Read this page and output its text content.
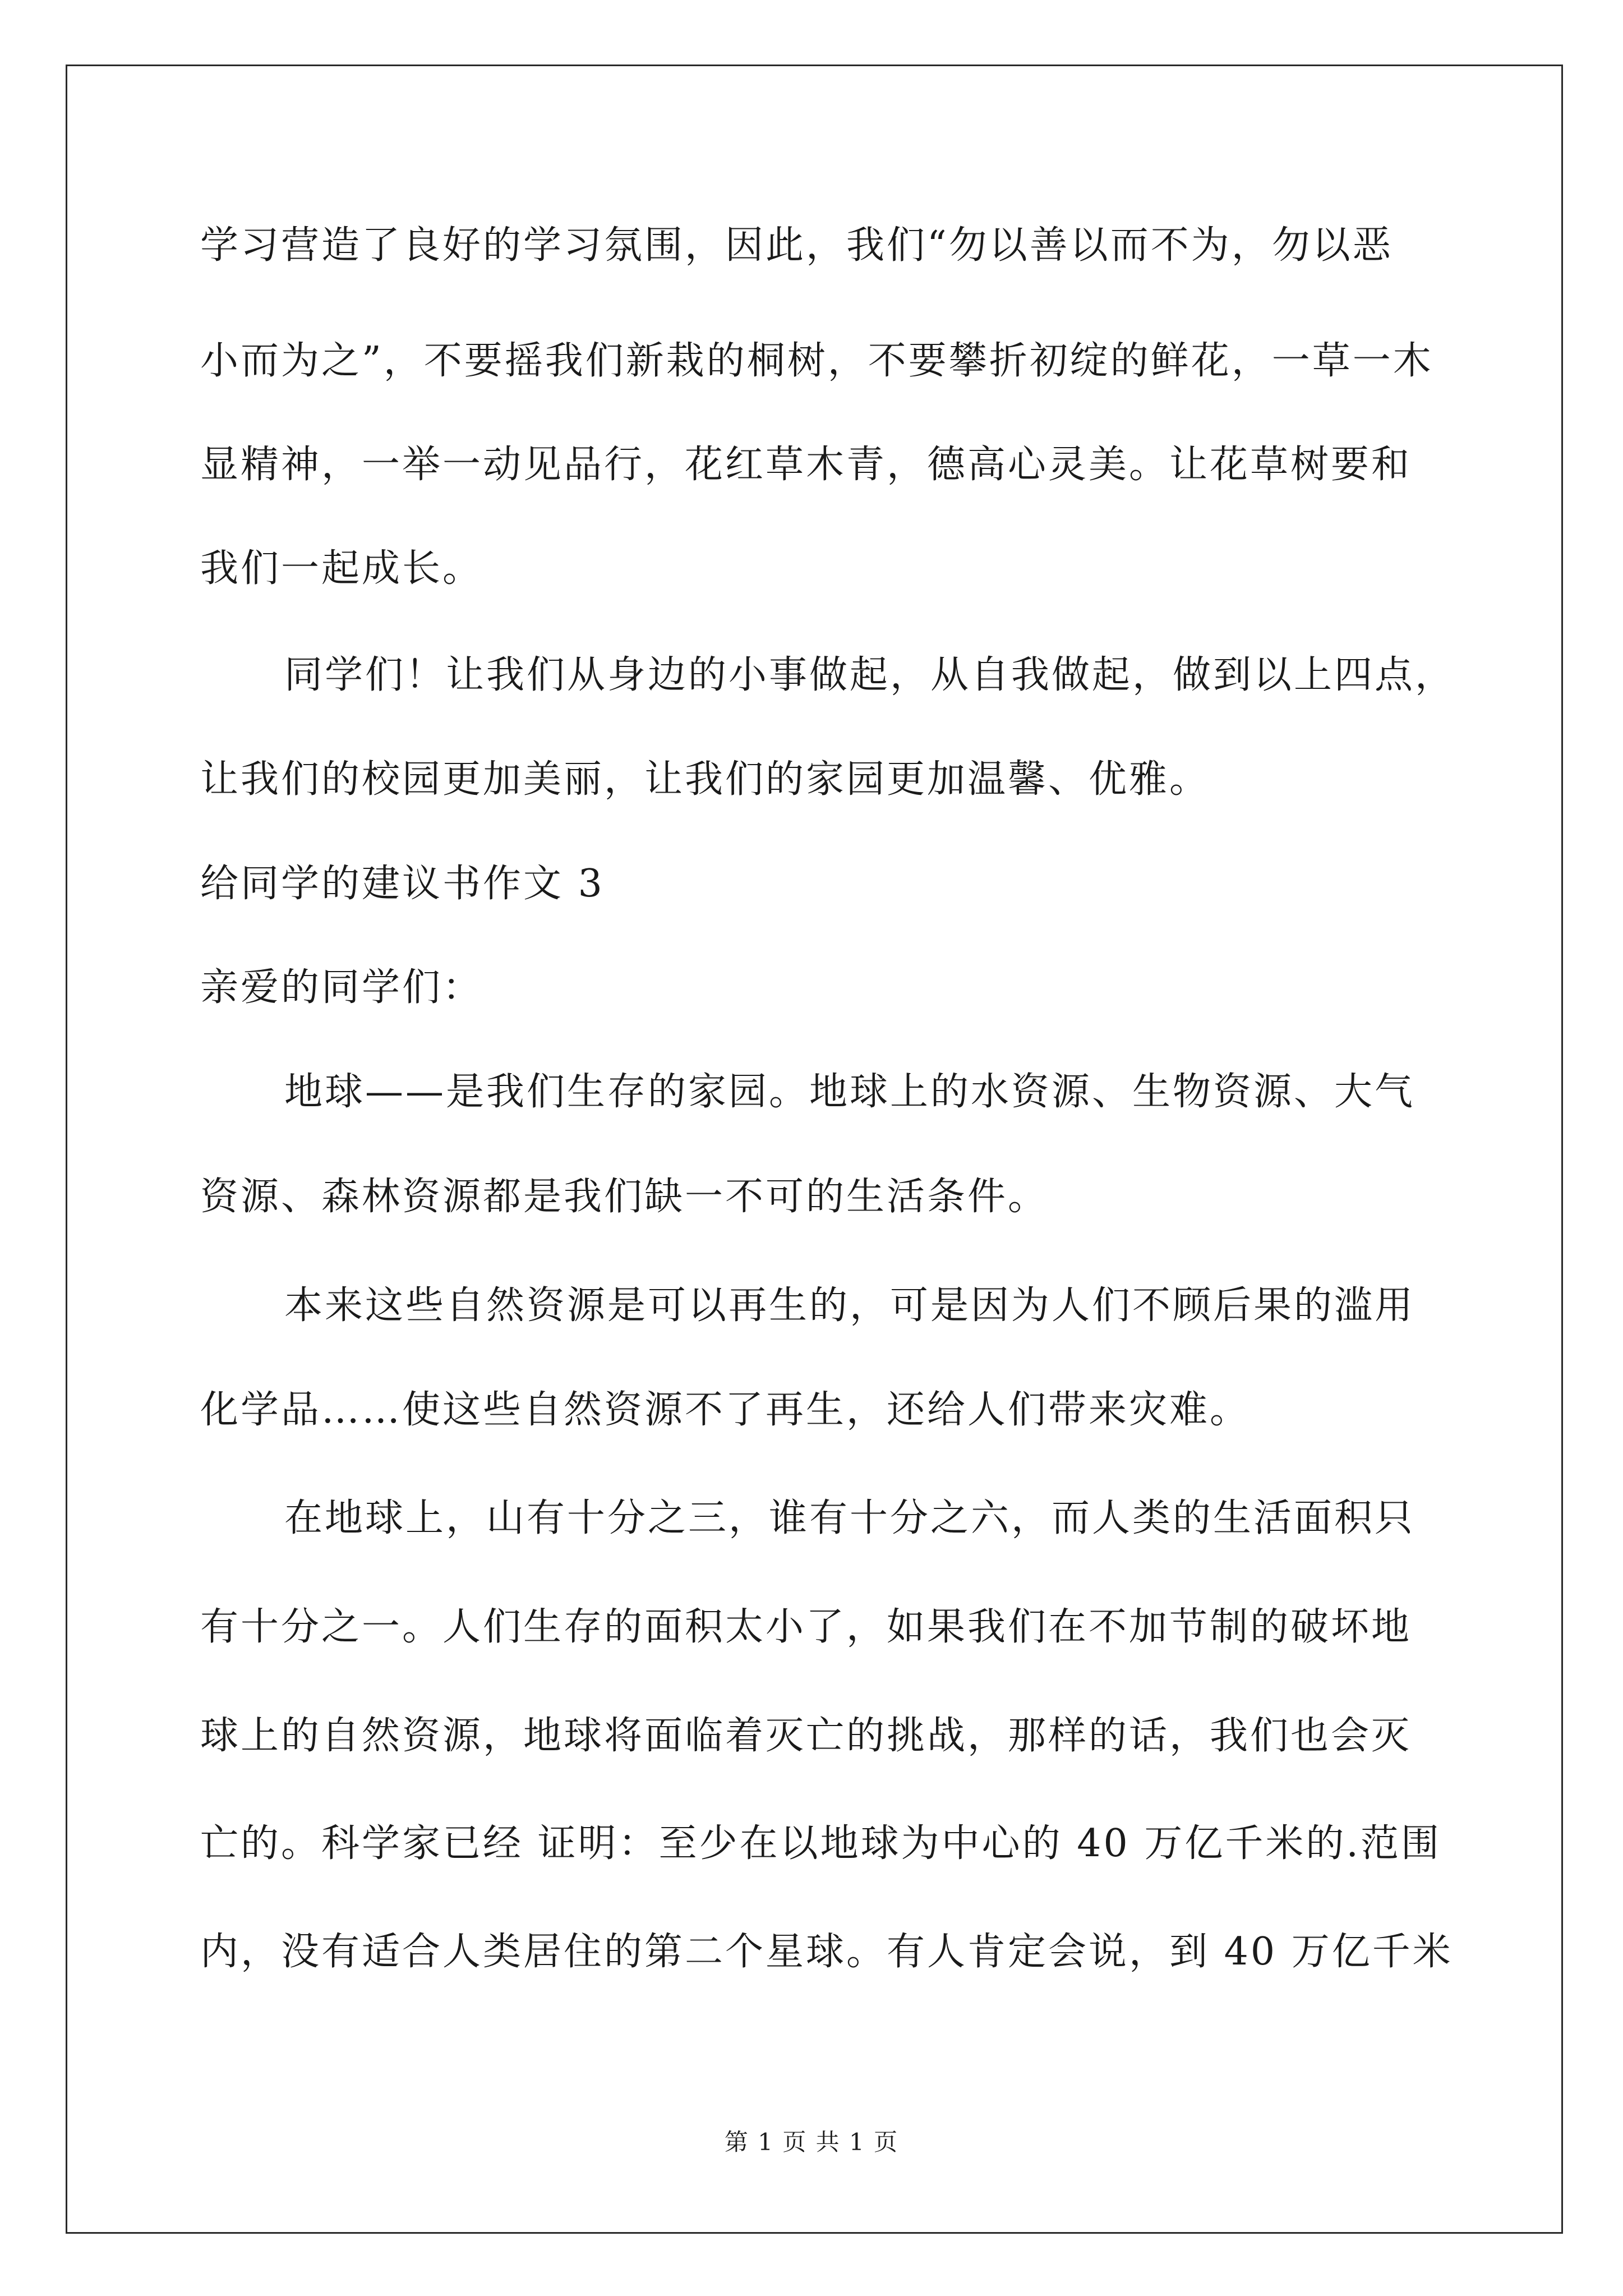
学习营造了良好的学习氛围，因此，我们“勿以善以而不为，勿以恶
小而为之”，不要摇我们新栽的桐树，不要攀折初绽的鲜花，一草一木
显精神，一举一动见品行，花红草木青，德高心灵美。让花草树要和
我们一起成长。
同学们！让我们从身边的小事做起，从自我做起，做到以上四点，
让我们的校园更加美丽，让我们的家园更加温馨、优雅。
给同学的建议书作文 3
亲爱的同学们：
地球——是我们生存的家园。地球上的水资源、生物资源、大气
资源、森林资源都是我们缺一不可的生活条件。
本来这些自然资源是可以再生的，可是因为人们不顾后果的滥用
化学品……使这些自然资源不了再生，还给人们带来灾难。
在地球上，山有十分之三，谁有十分之六，而人类的生活面积只
有十分之一。人们生存的面积太小了，如果我们在不加节制的破坏地
球上的自然资源，地球将面临着灭亡的挑战，那样的话，我们也会灭
亡的。科学家已经 证明：至少在以地球为中心的 40 万亿千米的.范围
内，没有适合人类居住的第二个星球。有人肯定会说，到 40 万亿千米
第 1 页 共 1 页
